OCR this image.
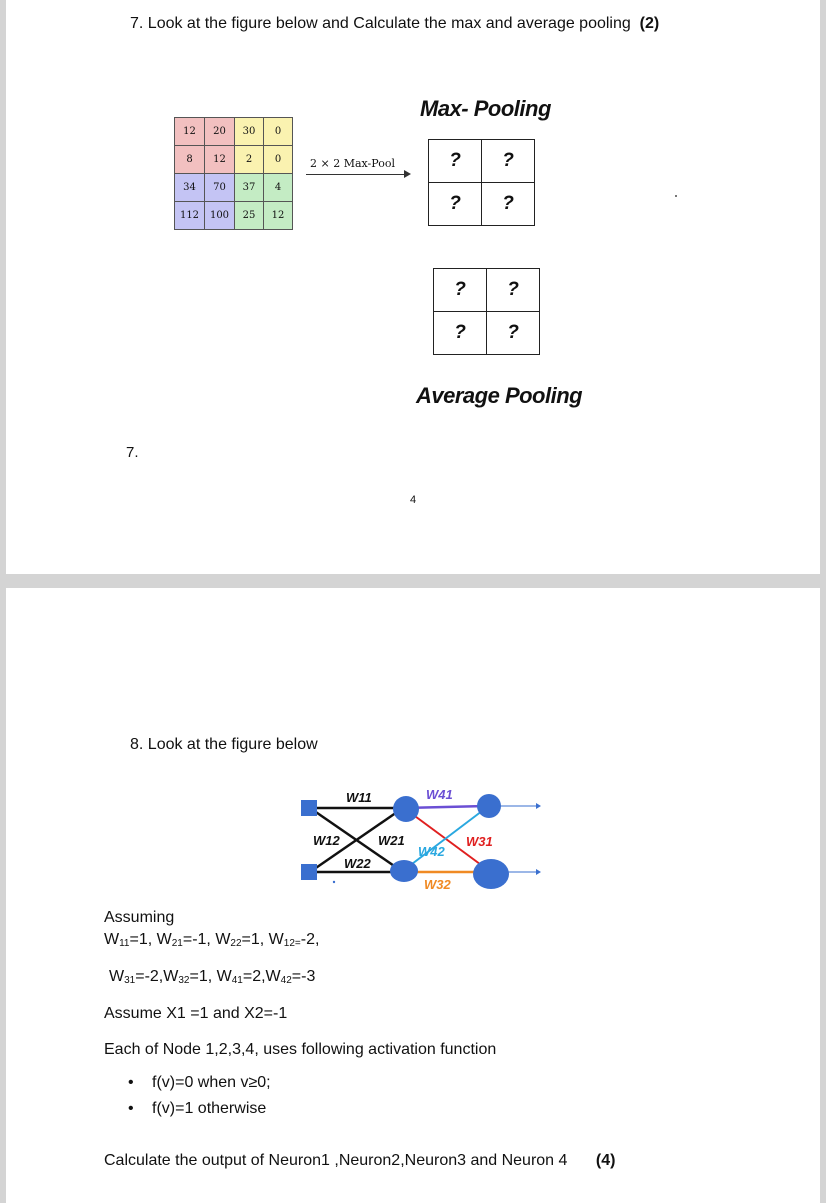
7. Look at the figure below and Calculate the max and average pooling (2)
12	20	30	0
8	12	2	0
34	70	37	4
112	100	25	12
2 × 2 Max-Pool
Max- Pooling
?	?
?	?
?	?
?	?
Average Pooling
7.
4
8. Look at the figure below
W11
W12	W21
W22
W41
W42
W31
W32
Assuming
$W_{11}=1$, $W_{21}=-1$, $W_{22}=1$, $W_{12=}-2$,
$W_{31}=-2,W_{32}=1$, $W_{41}=2,W_{42}=-3$
Assume X1 =1 and X2=-1
Each of Node 1,2,3,4, uses following activation function
• f(v)=0 when v≥0;
• f(v)=1 otherwise
Calculate the output of Neuron1 ,Neuron2,Neuron3 and Neuron 4 (4)
